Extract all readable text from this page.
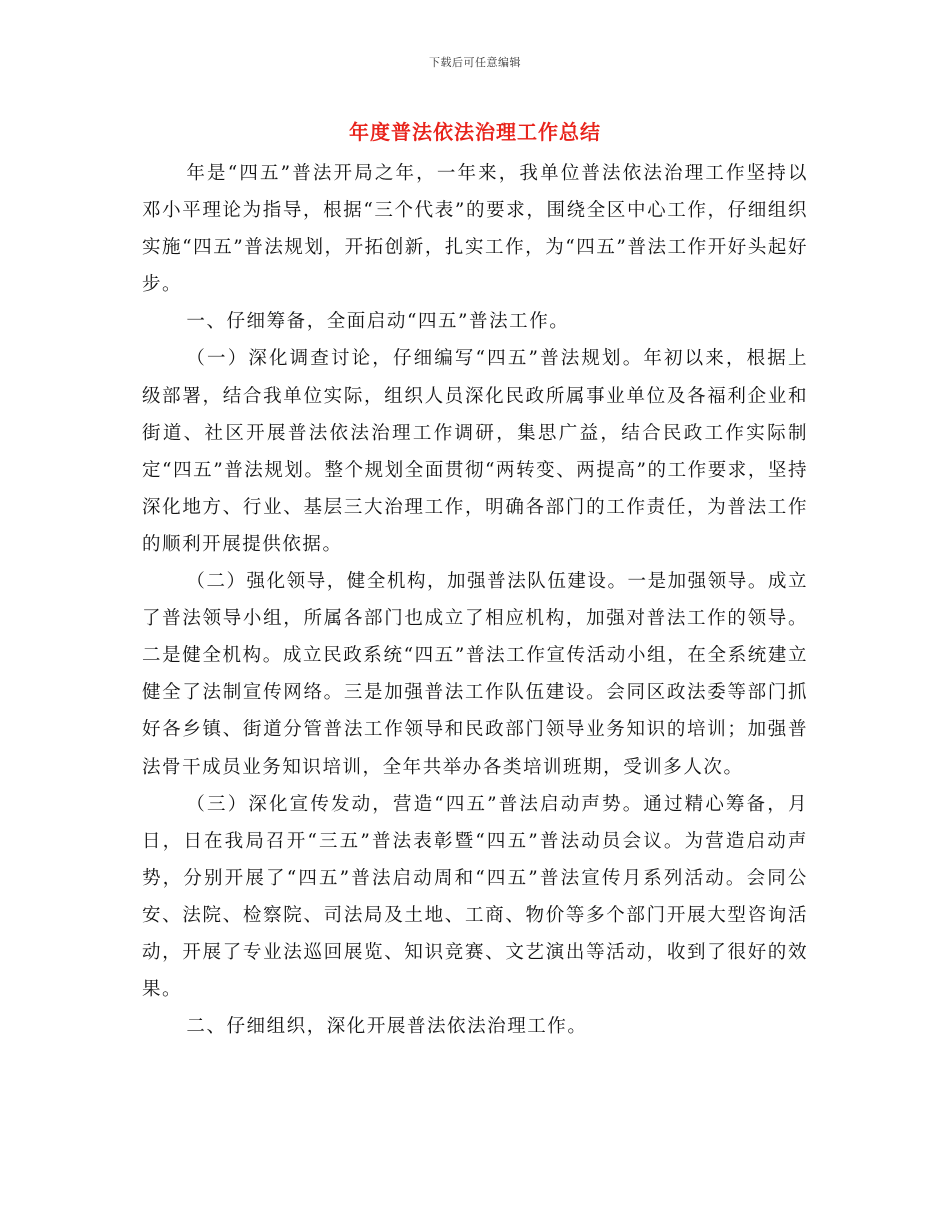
下载后可任意编辑
年度普法依法治理工作总结

年是“四五”普法开局之年，一年来，我单位普法依法治理工作坚持以邓小平理论为指导，根据“三个代表”的要求，围绕全区中心工作，仔细组织实施“四五”普法规划，开拓创新，扎实工作，为“四五”普法工作开好头起好步。

一、仔细筹备，全面启动“四五”普法工作。

（一）深化调查讨论，仔细编写“四五”普法规划。年初以来，根据上级部署，结合我单位实际，组织人员深化民政所属事业单位及各福利企业和街道、社区开展普法依法治理工作调研，集思广益，结合民政工作实际制定“四五”普法规划。整个规划全面贯彻“两转变、两提高”的工作要求，坚持深化地方、行业、基层三大治理工作，明确各部门的工作责任，为普法工作的顺利开展提供依据。

（二）强化领导，健全机构，加强普法队伍建设。一是加强领导。成立了普法领导小组，所属各部门也成立了相应机构，加强对普法工作的领导。二是健全机构。成立民政系统“四五”普法工作宣传活动小组，在全系统建立健全了法制宣传网络。三是加强普法工作队伍建设。会同区政法委等部门抓好各乡镇、街道分管普法工作领导和民政部门领导业务知识的培训；加强普法骨干成员业务知识培训，全年共举办各类培训班期，受训多人次。

（三）深化宣传发动，营造“四五”普法启动声势。通过精心筹备，月日，日在我局召开“三五”普法表彰暨“四五”普法动员会议。为营造启动声势，分别开展了“四五”普法启动周和“四五”普法宣传月系列活动。会同公安、法院、检察院、司法局及土地、工商、物价等多个部门开展大型咨询活动，开展了专业法巡回展览、知识竞赛、文艺演出等活动，收到了很好的效果。

二、仔细组织，深化开展普法依法治理工作。
